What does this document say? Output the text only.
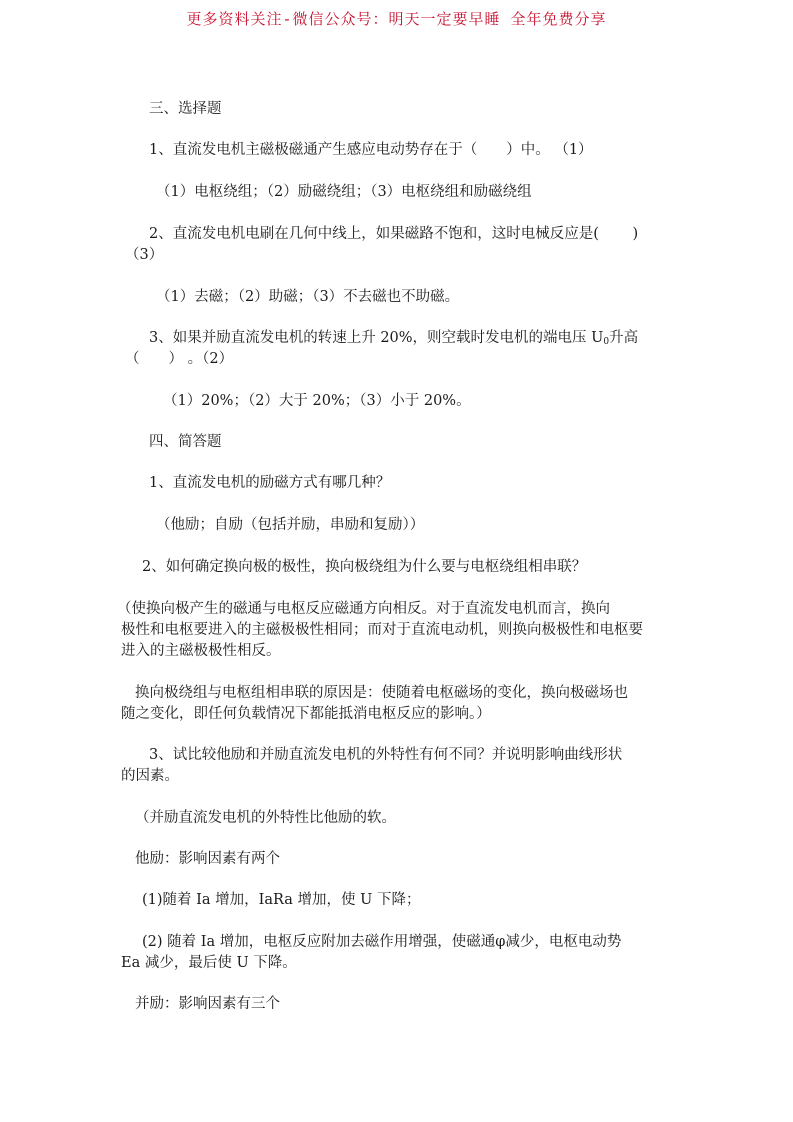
更多资料关注-微信公众号：明天一定要早睡 全年免费分享
三、选择题
1、直流发电机主磁极磁通产生感应电动势存在于（　　）中。 （1）
（1）电枢绕组；（2）励磁绕组；（3）电枢绕组和励磁绕组
2、直流发电机电刷在几何中线上，如果磁路不饱和，这时电械反应是(　　 )
（3）
（1）去磁；（2）助磁；（3）不去磁也不助磁。
3、如果并励直流发电机的转速上升 20%，则空载时发电机的端电压 $U_0$升高
（　　） 。（2）
（1）20%；（2）大于 20%；（3）小于 20%。
四、简答题
1、直流发电机的励磁方式有哪几种？
（他励；自励（包括并励，串励和复励））
2、如何确定换向极的极性，换向极绕组为什么要与电枢绕组相串联？
（使换向极产生的磁通与电枢反应磁通方向相反。对于直流发电机而言，换向
极性和电枢要进入的主磁极极性相同；而对于直流电动机，则换向极极性和电枢要
进入的主磁极极性相反。
换向极绕组与电枢组相串联的原因是：使随着电枢磁场的变化，换向极磁场也
随之变化，即任何负载情况下都能抵消电枢反应的影响。）
3、试比较他励和并励直流发电机的外特性有何不同？并说明影响曲线形状
的因素。
（并励直流发电机的外特性比他励的软。
他励：影响因素有两个
(1)随着 Ia 增加，IaRa 增加，使 U 下降；
(2) 随着 Ia 增加，电枢反应附加去磁作用增强，使磁通φ减少，电枢电动势
Ea 减少，最后使 U 下降。
并励：影响因素有三个
